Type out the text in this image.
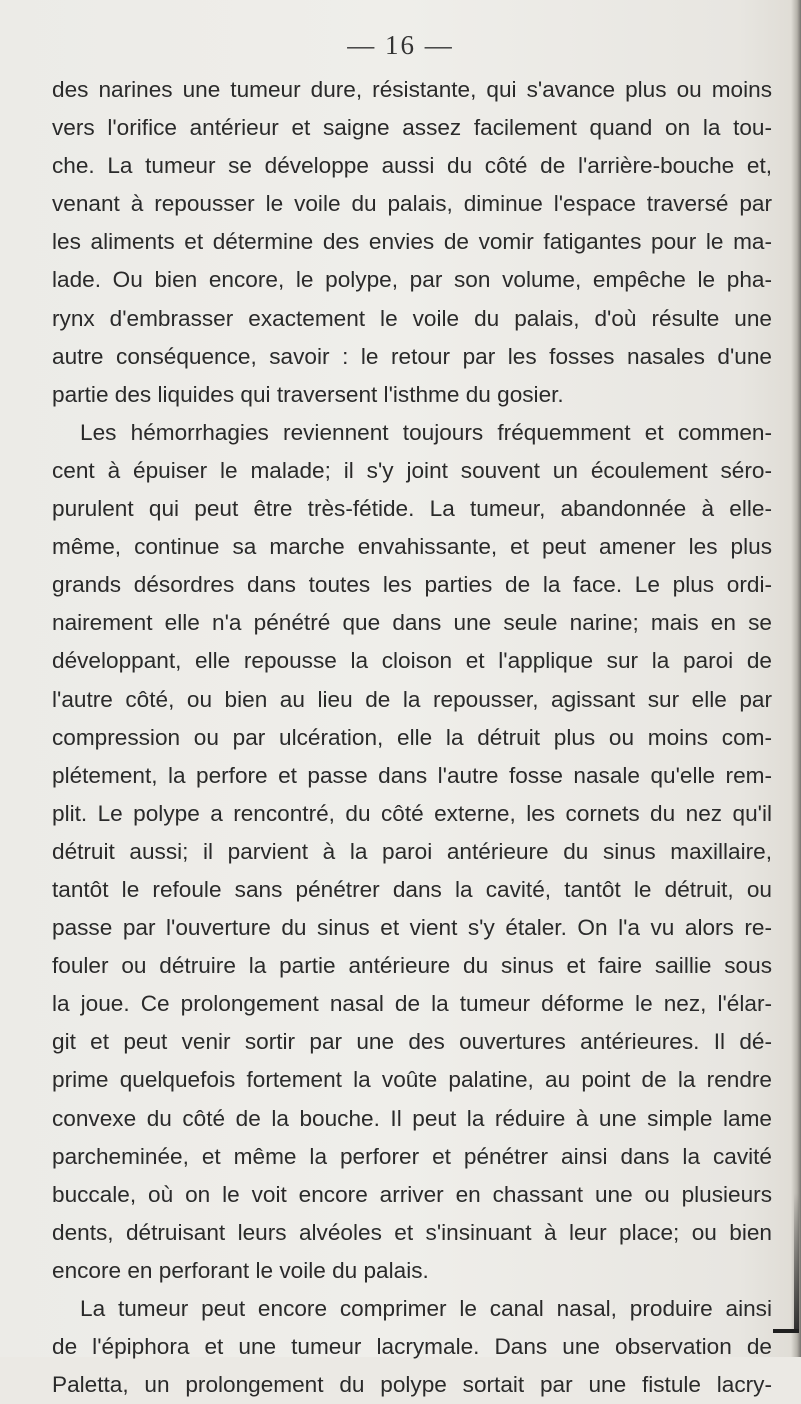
— 16 —
des narines une tumeur dure, résistante, qui s'avance plus ou moins
vers l'orifice antérieur et saigne assez facilement quand on la tou-
che. La tumeur se développe aussi du côté de l'arrière-bouche et,
venant à repousser le voile du palais, diminue l'espace traversé par
les aliments et détermine des envies de vomir fatigantes pour le ma-
lade. Ou bien encore, le polype, par son volume, empêche le pha-
rynx d'embrasser exactement le voile du palais, d'où résulte une
autre conséquence, savoir : le retour par les fosses nasales d'une
partie des liquides qui traversent l'isthme du gosier.
Les hémorrhagies reviennent toujours fréquemment et commen-
cent à épuiser le malade; il s'y joint souvent un écoulement séro-
purulent qui peut être très-fétide. La tumeur, abandonnée à elle-
même, continue sa marche envahissante, et peut amener les plus
grands désordres dans toutes les parties de la face. Le plus ordi-
nairement elle n'a pénétré que dans une seule narine; mais en se
développant, elle repousse la cloison et l'applique sur la paroi de
l'autre côté, ou bien au lieu de la repousser, agissant sur elle par
compression ou par ulcération, elle la détruit plus ou moins com-
plétement, la perfore et passe dans l'autre fosse nasale qu'elle rem-
plit. Le polype a rencontré, du côté externe, les cornets du nez qu'il
détruit aussi; il parvient à la paroi antérieure du sinus maxillaire,
tantôt le refoule sans pénétrer dans la cavité, tantôt le détruit, ou
passe par l'ouverture du sinus et vient s'y étaler. On l'a vu alors re-
fouler ou détruire la partie antérieure du sinus et faire saillie sous
la joue. Ce prolongement nasal de la tumeur déforme le nez, l'élar-
git et peut venir sortir par une des ouvertures antérieures. Il dé-
prime quelquefois fortement la voûte palatine, au point de la rendre
convexe du côté de la bouche. Il peut la réduire à une simple lame
parcheminée, et même la perforer et pénétrer ainsi dans la cavité
buccale, où on le voit encore arriver en chassant une ou plusieurs
dents, détruisant leurs alvéoles et s'insinuant à leur place; ou bien
encore en perforant le voile du palais.
La tumeur peut encore comprimer le canal nasal, produire ainsi
de l'épiphora et une tumeur lacrymale. Dans une observation de
Paletta, un prolongement du polype sortait par une fistule lacry-
